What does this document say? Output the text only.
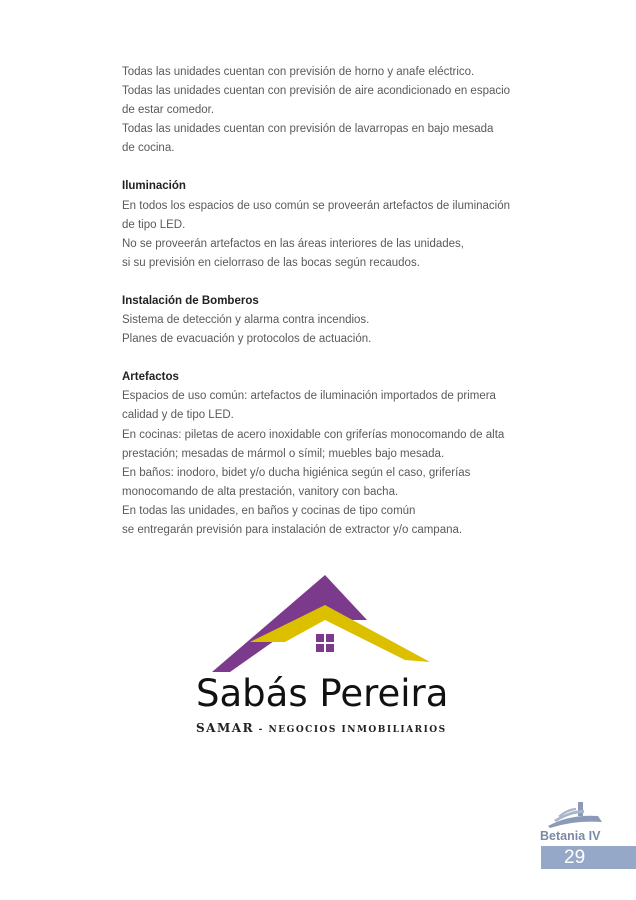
Todas las unidades cuentan con previsión de horno y anafe eléctrico.
Todas las unidades cuentan con previsión de aire acondicionado en espacio
de estar comedor.
Todas las unidades cuentan con previsión de lavarropas en bajo mesada
de cocina.

Iluminación

En todos los espacios de uso común se proveerán artefactos de iluminación
de tipo LED.
No se proveerán artefactos en las áreas interiores de las unidades,
si su previsión en cielorraso de las bocas según recaudos.

Instalación de Bomberos

Sistema de detección y alarma contra incendios.
Planes de evacuación y protocolos de actuación.

Artefactos

Espacios de uso común: artefactos de iluminación importados de primera
calidad y de tipo LED.
En cocinas: piletas de acero inoxidable con griferías monocomando de alta
prestación; mesadas de mármol o símil; muebles bajo mesada.
En baños: inodoro, bidet y/o ducha higiénica según el caso, griferías
monocomando de alta prestación, vanitory con bacha.
En todas las unidades, en baños y cocinas de tipo común
se entregarán previsión para instalación de extractor y/o campana.

Sabás Pereira
SAMAR - NEGOCIOS INMOBILIARIOS
Betania IV
29
